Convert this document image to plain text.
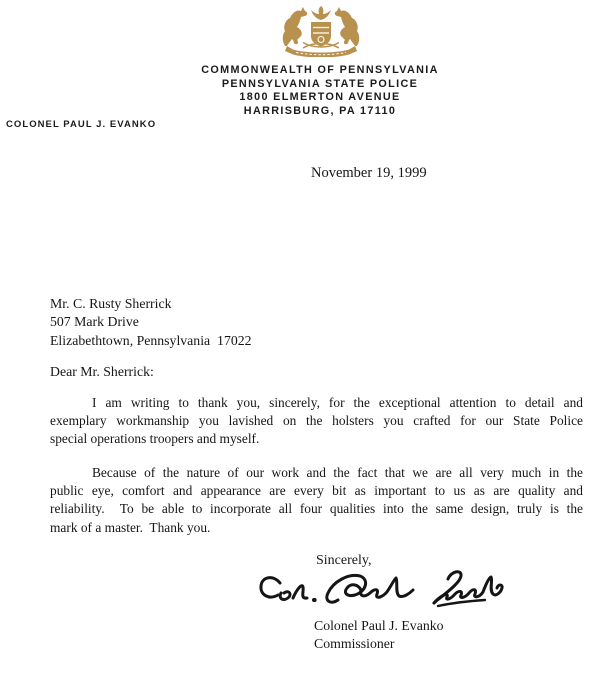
COMMONWEALTH OF PENNSYLVANIA
PENNSYLVANIA STATE POLICE
1800 ELMERTON AVENUE
HARRISBURG, PA 17110
COLONEL PAUL J. EVANKO
November 19, 1999
Mr. C. Rusty Sherrick
507 Mark Drive
Elizabethtown, Pennsylvania  17022
Dear Mr. Sherrick:
I am writing to thank you, sincerely, for the exceptional attention to detail and
exemplary workmanship you lavished on the holsters you crafted for our State Police
special operations troopers and myself.
Because of the nature of our work and the fact that we are all very much in the
public eye, comfort and appearance are every bit as important to us as are quality and
reliability.  To be able to incorporate all four qualities into the same design, truly is the
mark of a master.  Thank you.
Sincerely,
Colonel Paul J. Evanko
Commissioner
